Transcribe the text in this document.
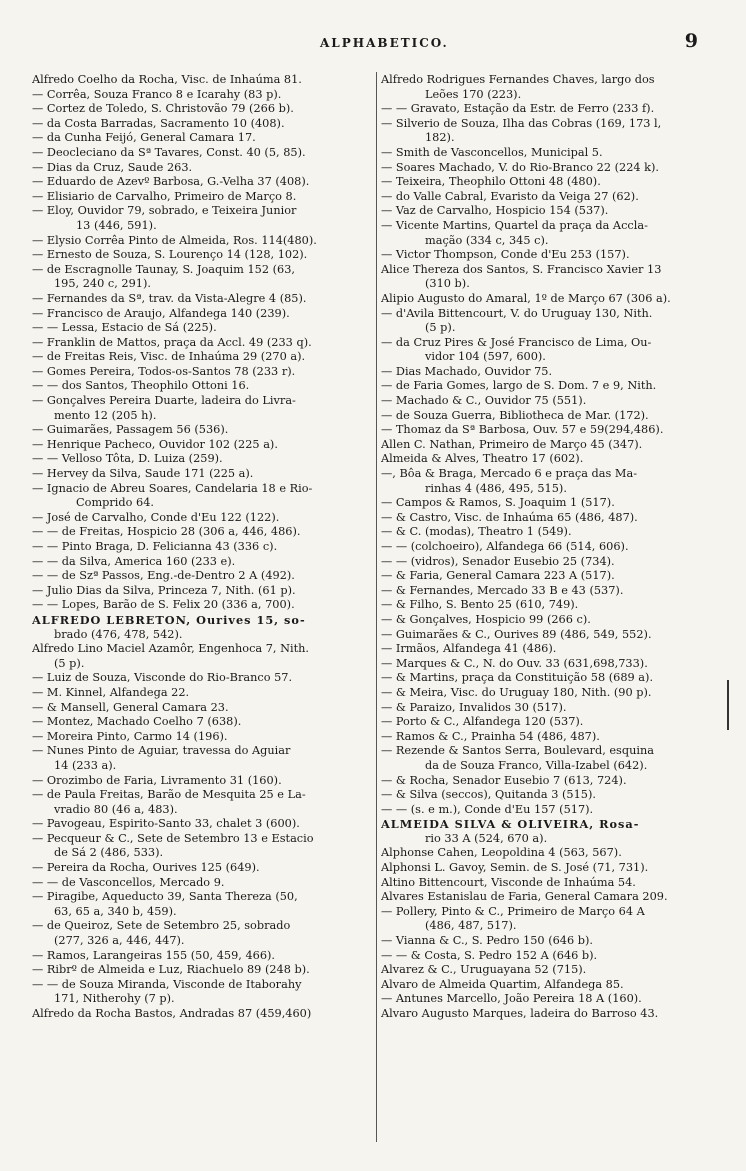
ALPHABETICO.	9
Alfredo Coelho da Rocha, Visc. de Inhaúma 81.
— Corrêa, Souza Franco 8 e Icarahy (83 p).
— Cortez de Toledo, S. Christovão 79 (266 b).
— da Costa Barradas, Sacramento 10 (408).
— da Cunha Feijó, General Camara 17.
— Deocleciano da Sª Tavares, Const. 40 (5, 85).
— Dias da Cruz, Saude 263.
— Eduardo de Azevº Barbosa, G.-Velha 37 (408).
— Elisiario de Carvalho, Primeiro de Março 8.
— Eloy, Ouvidor 79, sobrado, e Teixeira Junior
13 (446, 591).
— Elysio Corrêa Pinto de Almeida, Ros. 114(480).
— Ernesto de Souza, S. Lourenço 14 (128, 102).
— de Escragnolle Taunay, S. Joaquim 152 (63,
195, 240 c, 291).
— Fernandes da Sª, trav. da Vista-Alegre 4 (85).
— Francisco de Araujo, Alfandega 140 (239).
— — Lessa, Estacio de Sá (225).
— Franklin de Mattos, praça da Accl. 49 (233 q).
— de Freitas Reis, Visc. de Inhaúma 29 (270 a).
— Gomes Pereira, Todos-os-Santos 78 (233 r).
— — dos Santos, Theophilo Ottoni 16.
— Gonçalves Pereira Duarte, ladeira do Livra-
mento 12 (205 h).
— Guimarães, Passagem 56 (536).
— Henrique Pacheco, Ouvidor 102 (225 a).
— — Velloso Tôta, D. Luiza (259).
— Hervey da Silva, Saude 171 (225 a).
— Ignacio de Abreu Soares, Candelaria 18 e Rio-
Comprido 64.
— José de Carvalho, Conde d'Eu 122 (122).
— — de Freitas, Hospicio 28 (306 a, 446, 486).
— — Pinto Braga, D. Felicianna 43 (336 c).
— — da Silva, America 160 (233 e).
— — de Szª Passos, Eng.-de-Dentro 2 A (492).
— Julio Dias da Silva, Princeza 7, Nith. (61 p).
— — Lopes, Barão de S. Felix 20 (336 a, 700).
ALFREDO LEBRETON, Ourives 15, so-
brado (476, 478, 542).
Alfredo Lino Maciel Azamôr, Engenhoca 7, Nith.
(5 p).
— Luiz de Souza, Visconde do Rio-Branco 57.
— M. Kinnel, Alfandega 22.
— & Mansell, General Camara 23.
— Montez, Machado Coelho 7 (638).
— Moreira Pinto, Carmo 14 (196).
— Nunes Pinto de Aguiar, travessa do Aguiar
14 (233 a).
— Orozimbo de Faria, Livramento 31 (160).
— de Paula Freitas, Barão de Mesquita 25 e La-
vradio 80 (46 a, 483).
— Pavogeau, Espirito-Santo 33, chalet 3 (600).
— Pecqueur & C., Sete de Setembro 13 e Estacio
de Sá 2 (486, 533).
— Pereira da Rocha, Ourives 125 (649).
— — de Vasconcellos, Mercado 9.
— Piragibe, Aqueducto 39, Santa Thereza (50,
63, 65 a, 340 b, 459).
— de Queiroz, Sete de Setembro 25, sobrado
(277, 326 a, 446, 447).
— Ramos, Larangeiras 155 (50, 459, 466).
— Ribrº de Almeida e Luz, Riachuelo 89 (248 b).
— — de Souza Miranda, Visconde de Itaborahy
171, Nitherohy (7 p).
Alfredo da Rocha Bastos, Andradas 87 (459,460)
Alfredo Rodrigues Fernandes Chaves, largo dos
Leões 170 (223).
— — Gravato, Estação da Estr. de Ferro (233 f).
— Silverio de Souza, Ilha das Cobras (169, 173 l,
182).
— Smith de Vasconcellos, Municipal 5.
— Soares Machado, V. do Rio-Branco 22 (224 k).
— Teixeira, Theophilo Ottoni 48 (480).
— do Valle Cabral, Evaristo da Veiga 27 (62).
— Vaz de Carvalho, Hospicio 154 (537).
— Vicente Martins, Quartel da praça da Accla-
mação (334 c, 345 c).
— Victor Thompson, Conde d'Eu 253 (157).
Alice Thereza dos Santos, S. Francisco Xavier 13
(310 b).
Alipio Augusto do Amaral, 1º de Março 67 (306 a).
— d'Avila Bittencourt, V. do Uruguay 130, Nith.
(5 p).
— da Cruz Pires & José Francisco de Lima, Ou-
vidor 104 (597, 600).
— Dias Machado, Ouvidor 75.
— de Faria Gomes, largo de S. Dom. 7 e 9, Nith.
— Machado & C., Ouvidor 75 (551).
— de Souza Guerra, Bibliotheca de Mar. (172).
— Thomaz da Sª Barbosa, Ouv. 57 e 59(294,486).
Allen C. Nathan, Primeiro de Março 45 (347).
Almeida & Alves, Theatro 17 (602).
—, Bôa & Braga, Mercado 6 e praça das Ma-
rinhas 4 (486, 495, 515).
— Campos & Ramos, S. Joaquim 1 (517).
— & Castro, Visc. de Inhaúma 65 (486, 487).
— & C. (modas), Theatro 1 (549).
— — (colchoeiro), Alfandega 66 (514, 606).
— — (vidros), Senador Eusebio 25 (734).
— & Faria, General Camara 223 A (517).
— & Fernandes, Mercado 33 B e 43 (537).
— & Filho, S. Bento 25 (610, 749).
— & Gonçalves, Hospicio 99 (266 c).
— Guimarães & C., Ourives 89 (486, 549, 552).
— Irmãos, Alfandega 41 (486).
— Marques & C., N. do Ouv. 33 (631,698,733).
— & Martins, praça da Constituição 58 (689 a).
— & Meira, Visc. do Uruguay 180, Nith. (90 p).
— & Paraizo, Invalidos 30 (517).
— Porto & C., Alfandega 120 (537).
— Ramos & C., Prainha 54 (486, 487).
— Rezende & Santos Serra, Boulevard, esquina
da de Souza Franco, Villa-Izabel (642).
— & Rocha, Senador Eusebio 7 (613, 724).
— & Silva (seccos), Quitanda 3 (515).
— — (s. e m.), Conde d'Eu 157 (517).
ALMEIDA SILVA & OLIVEIRA, Rosa-
rio 33 A (524, 670 a).
Alphonse Cahen, Leopoldina 4 (563, 567).
Alphonsi L. Gavoy, Semin. de S. José (71, 731).
Altino Bittencourt, Visconde de Inhaúma 54.
Alvares Estanislau de Faria, General Camara 209.
— Pollery, Pinto & C., Primeiro de Março 64 A
(486, 487, 517).
— Vianna & C., S. Pedro 150 (646 b).
— — & Costa, S. Pedro 152 A (646 b).
Alvarez & C., Uruguayana 52 (715).
Alvaro de Almeida Quartim, Alfandega 85.
— Antunes Marcello, João Pereira 18 A (160).
Alvaro Augusto Marques, ladeira do Barroso 43.
